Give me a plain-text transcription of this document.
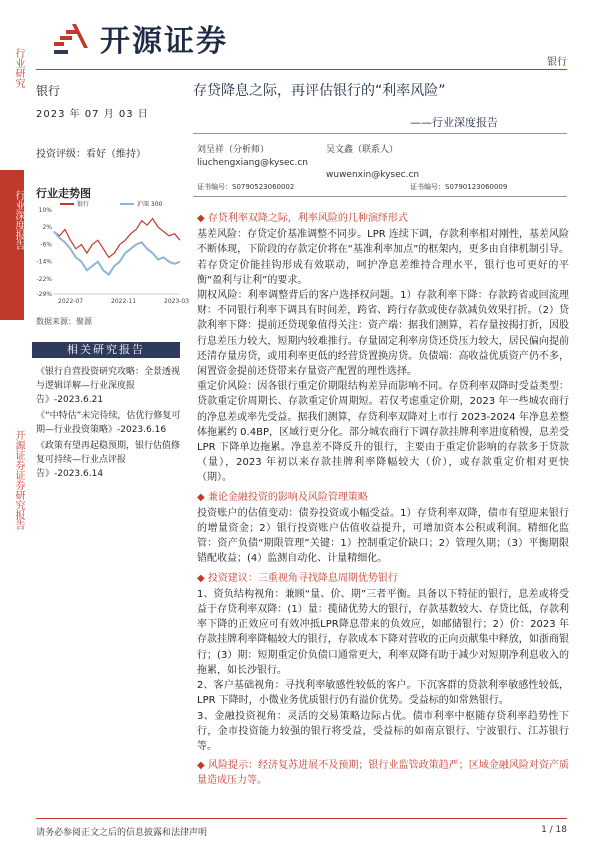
开源证券
银行
行业研究
行业深度报告
开源证券证券研究报告
银行
2023 年 07 月 03 日
投资评级：看好（维持）
行业走势图
10%
2%
-6%
-14%
-22%
-29%
2022-07	2022-11	2023-03
银行	沪深 300
数据来源：聚源
相关研究报告

《银行自营投资研究攻略：全景透视与逻辑详解—行业深度报告》-2023.6.21

《“中特估”未完待续，估优行修复可期—行业投资策略》-2023.6.16

《政策有望再起稳预期，银行估值修复可持续—行业点评报告》-2023.6.14

存贷降息之际，再评估银行的“利率风险”
——行业深度报告
刘呈祥（分析师）
liuchengxiang@kysec.cn
证书编号：S0790523060002
吴文鑫（联系人）
wuwenxin@kysec.cn
证书编号：S0790123060009

◆ 存贷利率双降之际，利率风险的几种演绎形式

基差风险：存贷定价基准调整不同步。LPR 连续下调，存款利率相对刚性，基差风险不断体现，下阶段的存款定价将在“基准利率加点”的框架内，更多由自律机制引导。若存贷定价能挂钩形成有效联动，呵护净息差维持合理水平，银行也可更好的平衡“盈利与让利”的要求。

期权风险：利率调整背后的客户选择权问题。1）存款利率下降：存款跨省或回流理财：不同银行利率下调具有时间差，跨省、跨行存款或使存款减负效果打折。（2）贷款利率下降：提前还贷现象值得关注：资产端：据我们测算，若存量按揭打折，因股行息差压力较大，短期内较难推行。存量固定利率房贷还贷压力较大，居民偏向提前还清存量房贷，或用利率更低的经营贷置换房贷。负债端：高收益优质资产仍不多，闲置资金提前还贷带来存量资产配置的理性选择。

重定价风险：因各银行重定价期限结构差异而影响不同。存贷利率双降时受益类型：贷款重定价周期长、存款重定价周期短。若仅考虑重定价期，2023 年一些城农商行的净息差或率先受益。据我们测算，存贷利率双降对上市行 2023-2024 年净息差整体拖累约 0.4BP，区域行更分化。部分城农商行下调存款挂牌利率进度稍慢，息差受 LPR 下降单边拖累。净息差不降反升的银行，主要由于重定价影响的存款多于贷款（量），2023 年初以来存款挂牌利率降幅较大（价），或存款重定价相对更快（期）。

◆ 兼论金融投资的影响及风险管理策略

投资账户的估值变动：债券投资或小幅受益。1）存贷利率双降，债市有望迎来银行的增量资金；2）银行投资账户估值收益提升，可增加资本公积或利润。精细化监管：资产负债“期限管理”关键：1）控制重定价缺口；2）管理久期；（3）平衡期限错配收益；(4）监测自动化、计量精细化。

◆ 投资建议：三重视角寻找降息周期优势银行

1、资负结构视角：兼顾“量、价、期”三者平衡。具备以下特征的银行，息差或将受益于存贷利率双降：(1）量：揽储优势大的银行，存款基数较大、存贷比低，存款利率下降的正效应可有效冲抵LPR降息带来的负效应，如邮储银行；2）价：2023 年存款挂牌利率降幅较大的银行，存款成本下降对营收的正向贡献集中释放，如浙商银行；(3）期：短期重定价负债口通常更大，利率双降有助于减少对短期净利息收入的拖累，如长沙银行。

2、客户基础视角：寻找利率敏感性较低的客户。下沉客群的贷款利率敏感性较低，LPR 下降时，小微业务优质银行仍有溢价优势。受益标的如常熟银行。

3、金融投资视角：灵活的交易策略边际占优。债市利率中枢随存贷利率趋势性下行，金市投资能力较强的银行将受益，受益标的如南京银行、宁波银行、江苏银行等。

◆ 风险提示：经济复苏进展不及预期；银行业监管政策趋严；区域金融风险对资产质量造成压力等。

请务必参阅正文之后的信息披露和法律声明	1 / 18
